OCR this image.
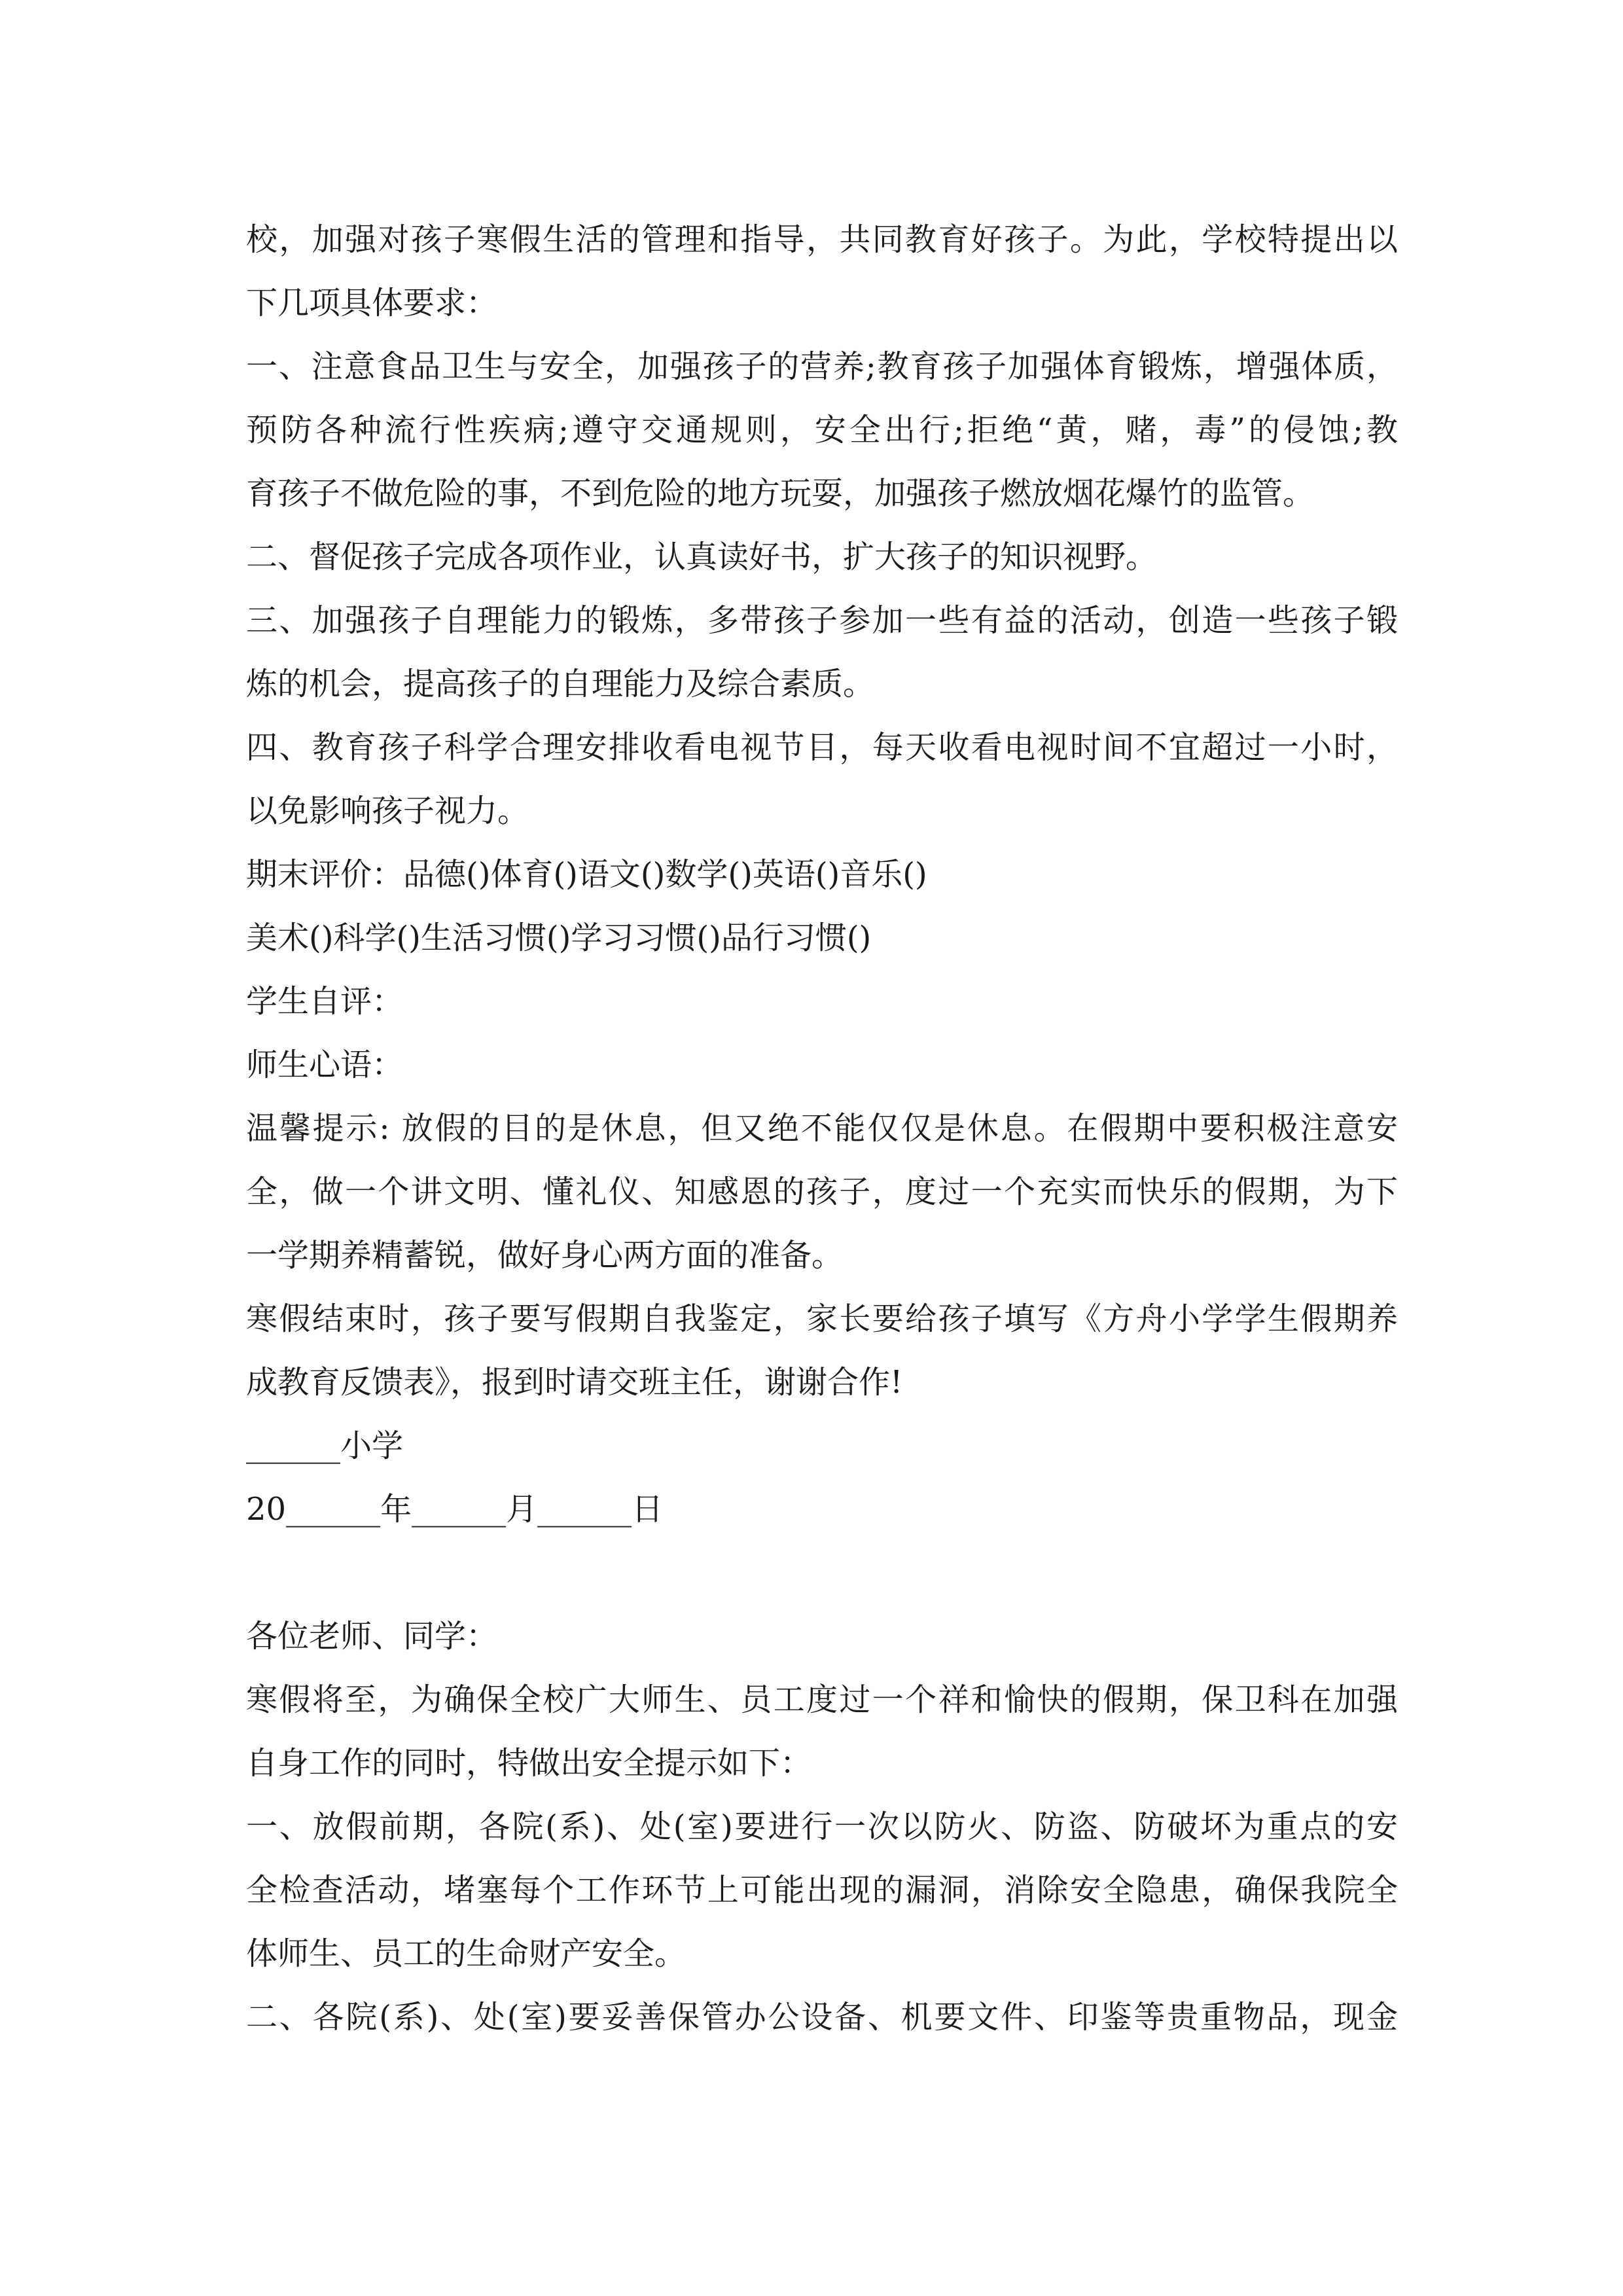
校，加强对孩子寒假生活的管理和指导，共同教育好孩子。为此，学校特提出以
下几项具体要求：
一、注意食品卫生与安全，加强孩子的营养;教育孩子加强体育锻炼，增强体质，
预防各种流行性疾病;遵守交通规则，安全出行;拒绝“黄，赌，毒”的侵蚀;教
育孩子不做危险的事，不到危险的地方玩耍，加强孩子燃放烟花爆竹的监管。
二、督促孩子完成各项作业，认真读好书，扩大孩子的知识视野。
三、加强孩子自理能力的锻炼，多带孩子参加一些有益的活动，创造一些孩子锻
炼的机会，提高孩子的自理能力及综合素质。
四、教育孩子科学合理安排收看电视节目，每天收看电视时间不宜超过一小时，
以免影响孩子视力。
期末评价：品德()体育()语文()数学()英语()音乐()
美术()科学()生活习惯()学习习惯()品行习惯()
学生自评：
师生心语：
温馨提示: 放假的目的是休息，但又绝不能仅仅是休息。在假期中要积极注意安
全，做一个讲文明、懂礼仪、知感恩的孩子，度过一个充实而快乐的假期，为下
一学期养精蓄锐，做好身心两方面的准备。
寒假结束时，孩子要写假期自我鉴定，家长要给孩子填写《方舟小学学生假期养
成教育反馈表》，报到时请交班主任，谢谢合作!
______小学
20______年______月______日
各位老师、同学：
寒假将至，为确保全校广大师生、员工度过一个祥和愉快的假期，保卫科在加强
自身工作的同时，特做出安全提示如下：
一、放假前期，各院(系)、处(室)要进行一次以防火、防盗、防破坏为重点的安
全检查活动，堵塞每个工作环节上可能出现的漏洞，消除安全隐患，确保我院全
体师生、员工的生命财产安全。
二、各院(系)、处(室)要妥善保管办公设备、机要文件、印鉴等贵重物品，现金
